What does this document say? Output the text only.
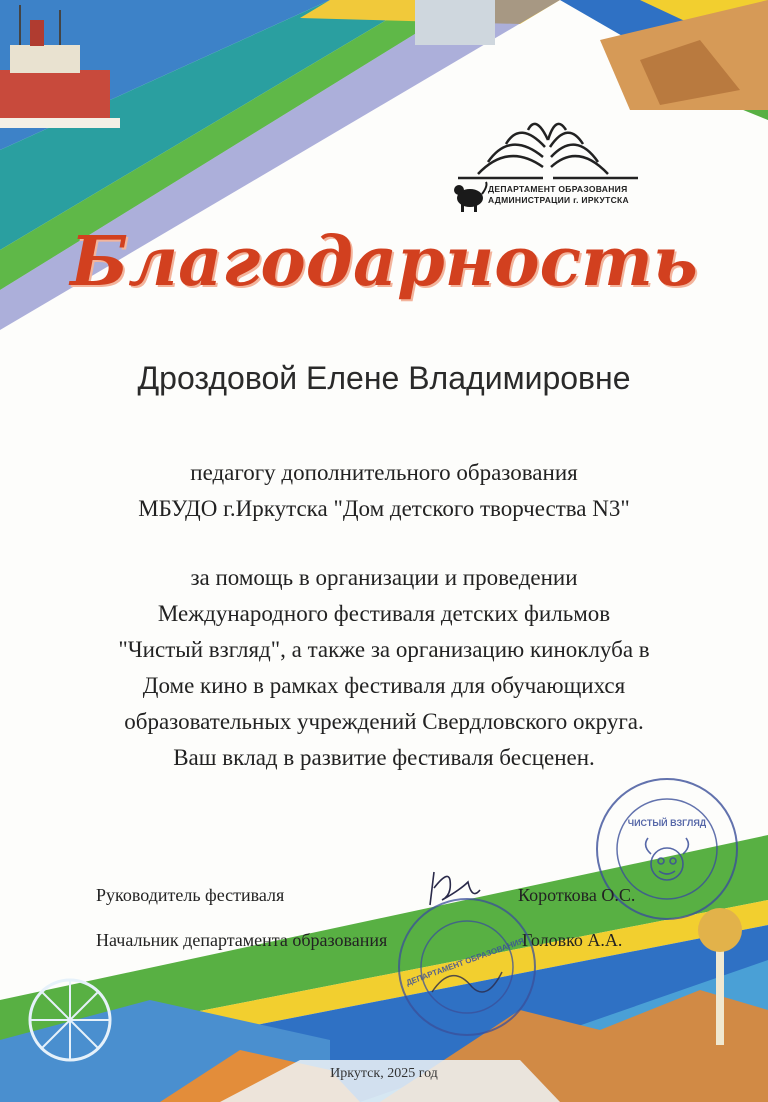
ДЕПАРТАМЕНТ ОБРАЗОВАНИЯ
АДМИНИСТРАЦИИ г. ИРКУТСКА
Благодарность
Дроздовой Елене Владимировне
педагогу дополнительного образования
МБУДО г.Иркутска "Дом детского творчества N3"
за помощь в организации и проведении
Международного фестиваля детских фильмов
"Чистый взгляд", а также за организацию киноклуба в
Доме кино в рамках фестиваля для обучающихся
образовательных учреждений Свердловского округа.
Ваш вклад в развитие фестиваля бесценен.
ЧИСТЫЙ ВЗГЛЯД
Руководитель фестиваля	Короткова О.С.
Начальник департамента образования	Головко А.А.
ДЕПАРТАМЕНТ ОБРАЗОВАНИЯ
Иркутск, 2025 год
